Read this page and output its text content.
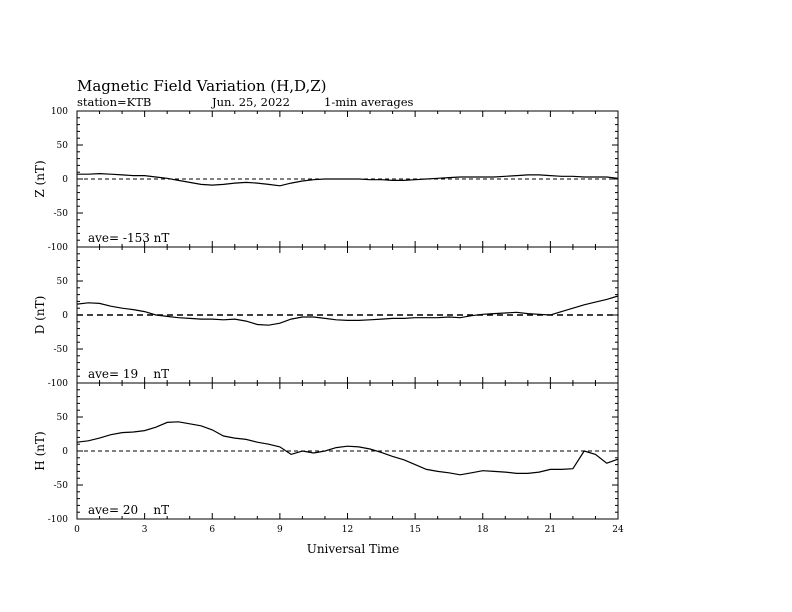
Magnetic Field Variation (H,D,Z)
station=KTB	Jun. 25, 2022	1-min averages
100
50
0
-50
-100
Z (nT)
ave= -153 nT
50
0
-50
-100
D (nT)
ave= 19    nT
50
0
-50
-100
H (nT)
ave= 20    nT
0	3	6	9	12	15	18	21	24
Universal Time
